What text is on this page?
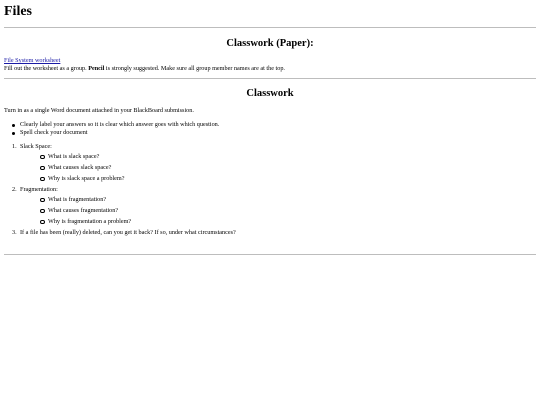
Files
Classwork (Paper):
File System worksheet
Fill out the worksheet as a group. Pencil is strongly suggested. Make sure all group member names are at the top.
Classwork
Turn in as a single Word document attached in your BlackBoard submission.
Clearly label your answers so it is clear which answer goes with which question.
Spell check your document
1. Slack Space:
What is slack space?
What causes slack space?
Why is slack space a problem?
2. Fragmentation:
What is fragmentation?
What causes fragmentation?
Why is fragmentation a problem?
3. If a file has been (really) deleted, can you get it back? If so, under what circumstances?
